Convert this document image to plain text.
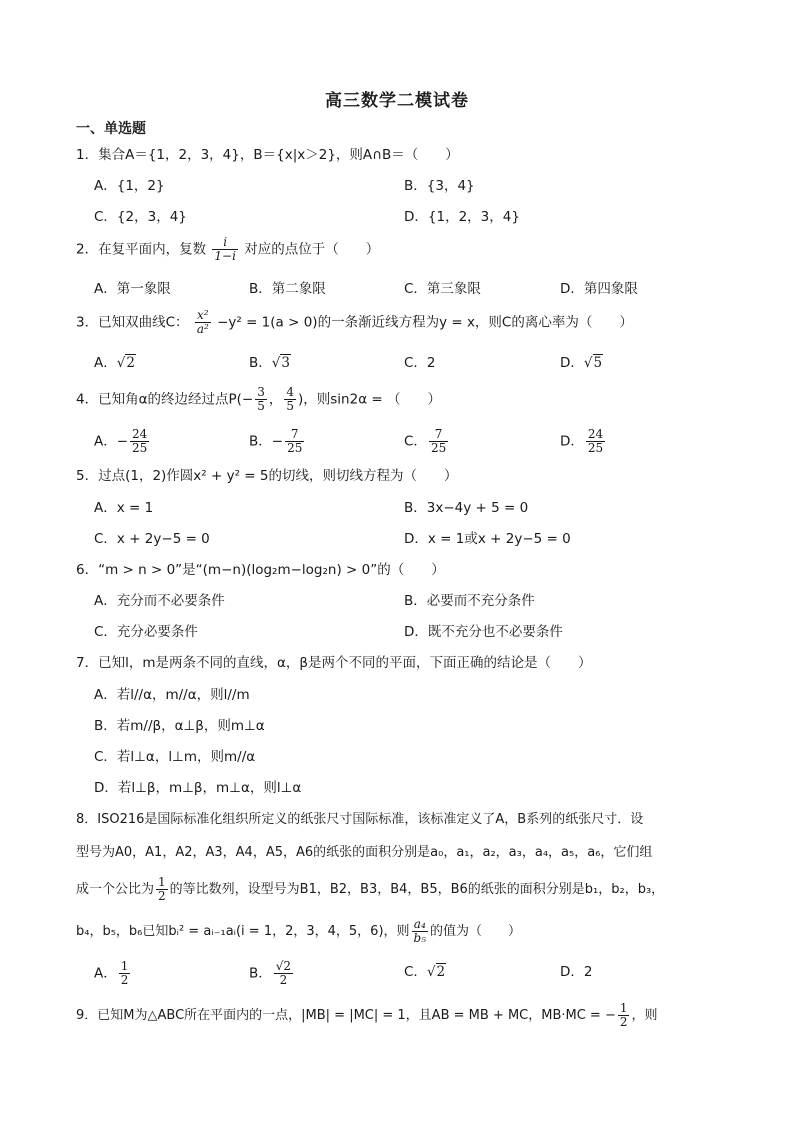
高三数学二模试卷
一、单选题
1．集合A＝{1，2，3，4}，B＝{x|x＞2}，则A∩B＝（　　）
A．{1，2}	B．{3，4}
C．{2，3，4}	D．{1，2，3，4}
2．在复平面内，复数 $\frac{i}{1-i}$ 对应的点位于（　　）
A．第一象限	B．第二象限	C．第三象限	D．第四象限
3．已知双曲线C： $\frac{\text{x²}}{\text{a²}} -y^2 = 1(a > 0)$的一条渐近线方程为y = x，则C的离心率为（　　）
A．√2	B．√3	C．2	D．√5
4．已知角α的终边经过点$P(- \frac{3}{5}$ ， $\frac{4}{5}$ )，则sin2α = （　　）
A．− $\frac{24}{25}$	B．− $\frac{7}{25}$	C． $\frac{7}{25}$	D． $\frac{24}{25}$
5．过点(1，2)作圆x² + y² = 5的切线，则切线方程为（　　）
A．x = 1	B．3x−4y + 5 = 0
C．x + 2y−5 = 0	D．x = 1或x + 2y−5 = 0
6．“m > n > 0”是“(m−n)(log₂m−log₂n) > 0”的（　　）
A．充分而不必要条件	B．必要而不充分条件
C．充分必要条件	D．既不充分也不必要条件
7．已知l，m是两条不同的直线，α，β是两个不同的平面，下面正确的结论是（　　）
A．若l//α，m//α，则l//m
B．若m//β，α⊥β，则m⊥α
C．若l⊥α，l⊥m，则m//α
D．若l⊥β，m⊥β，m⊥α，则l⊥α
8．ISO216是国际标准化组织所定义的纸张尺寸国际标准，该标准定义了A，B系列的纸张尺寸．设
型号为A0，A1，A2，A3，A4，A5，A6的纸张的面积分别是a₀，a₁，a₂，a₃，a₄，a₅，a₆，它们组
成一个公比为 $\frac{1}{2}$ 的等比数列，设型号为B1，B2，B3，B4，B5，B6的纸张的面积分别是b₁，b₂，b₃，
b₄，b₅，b₆已知bᵢ² = aᵢ₋₁aᵢ(i = 1，2，3，4，5，6)，则 $\frac{\text{a₄}}{\text{b₅}}$ 的值为（　　）
A． $\frac{1}{2}$	B． $\frac{√2}{2}$	C．√2	D．2
9．已知M为△ABC所在平面内的一点，|MB| = |MC| = 1，且AB = MB + MC，MB·MC = − $\frac{1}{2}$ ，则
